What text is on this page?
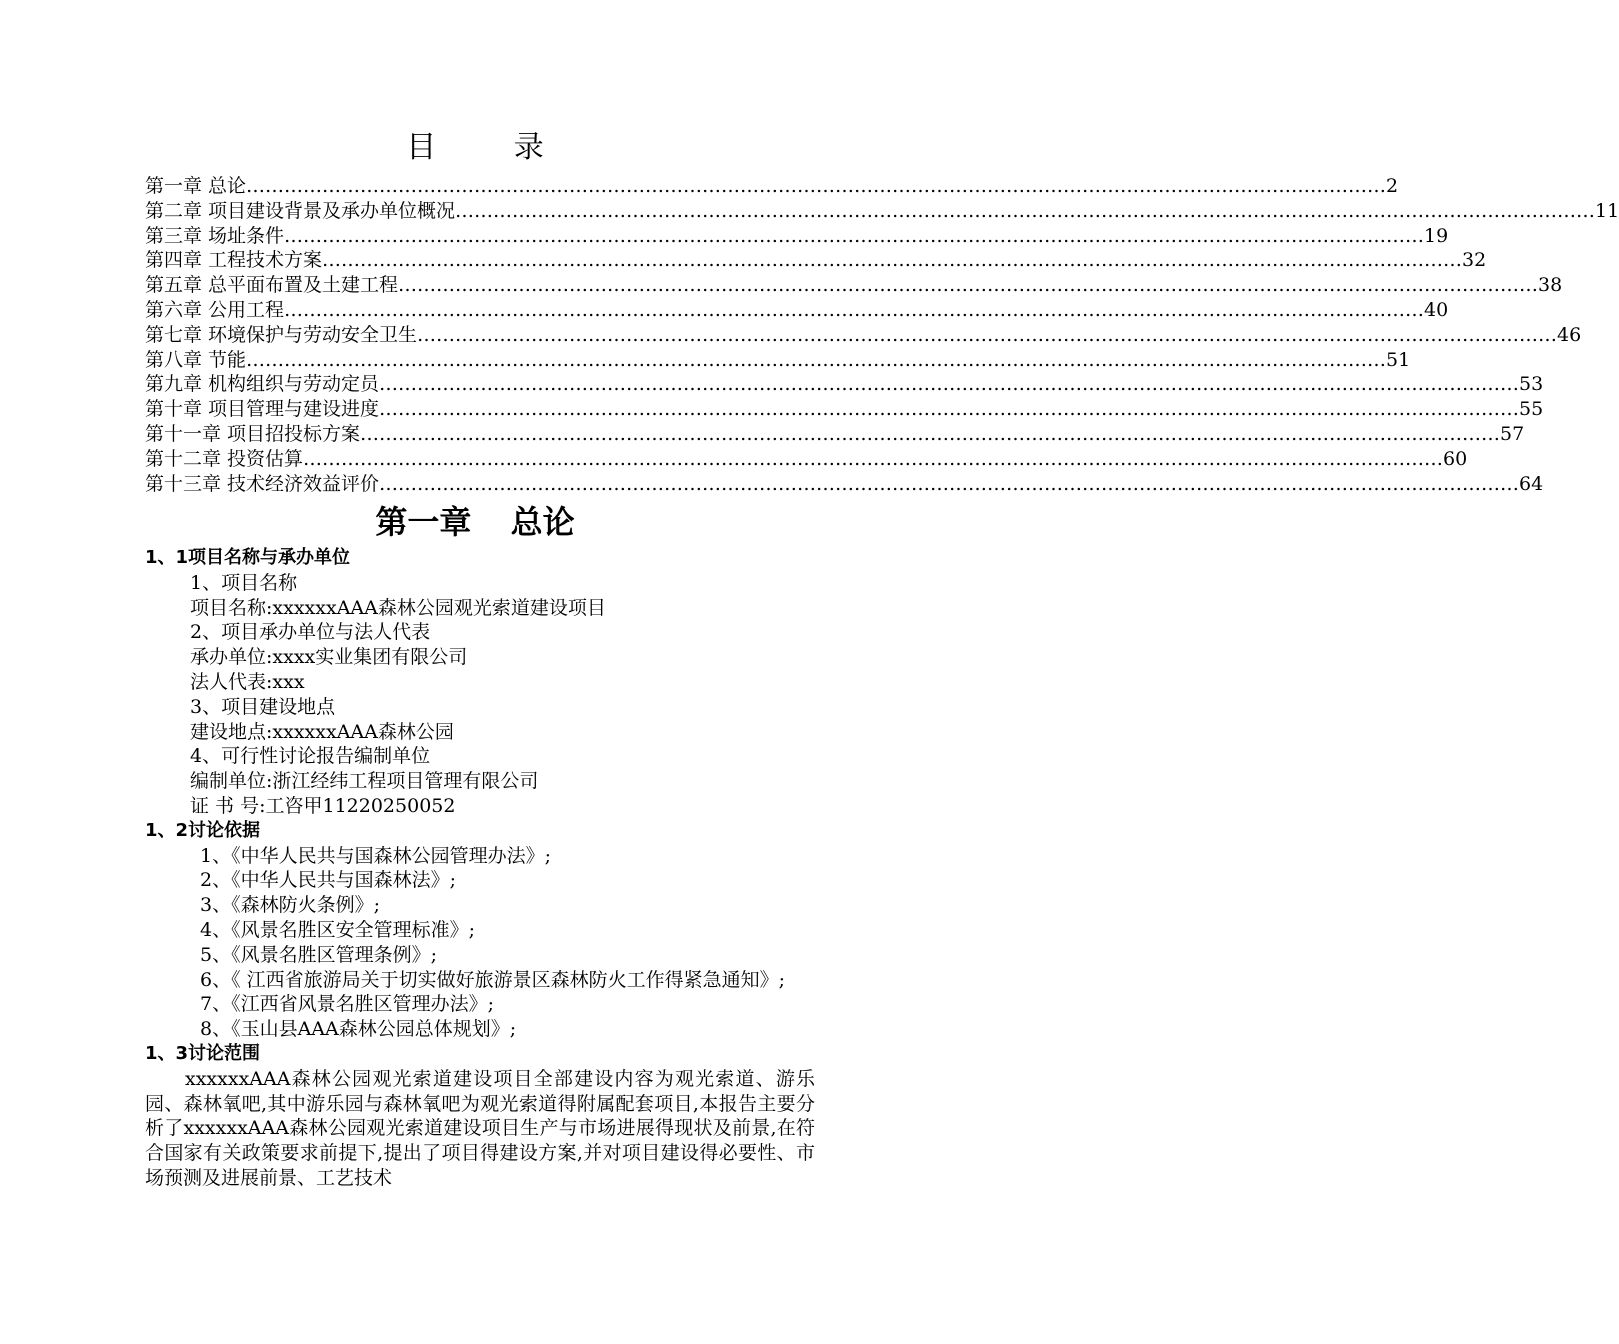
目 录
第一章 总论 ……………………………………………………………………………………………………………………………………………………………… 2
第二章 项目建设背景及承办单位概况 ……………………………………………………………………………………………………………………………………………………………… 11
第三章 场址条件 ……………………………………………………………………………………………………………………………………………………………… 19
第四章 工程技术方案 ……………………………………………………………………………………………………………………………………………………………… 32
第五章 总平面布置及土建工程 ……………………………………………………………………………………………………………………………………………………………… 38
第六章 公用工程 ……………………………………………………………………………………………………………………………………………………………… 40
第七章 环境保护与劳动安全卫生 ……………………………………………………………………………………………………………………………………………………………… 46
第八章 节能 ……………………………………………………………………………………………………………………………………………………………… 51
第九章 机构组织与劳动定员 ……………………………………………………………………………………………………………………………………………………………… 53
第十章 项目管理与建设进度 ……………………………………………………………………………………………………………………………………………………………… 55
第十一章 项目招投标方案 ……………………………………………………………………………………………………………………………………………………………… 57
第十二章 投资估算 ……………………………………………………………………………………………………………………………………………………………… 60
第十三章 技术经济效益评价 ……………………………………………………………………………………………………………………………………………………………… 64
第一章 总论
1、1项目名称与承办单位
1、项目名称
项目名称:xxxxxxAAA森林公园观光索道建设项目
2、项目承办单位与法人代表
承办单位:xxxx实业集团有限公司
法人代表:xxx
3、项目建设地点
建设地点:xxxxxxAAA森林公园
4、可行性讨论报告编制单位
编制单位:浙江经纬工程项目管理有限公司
证 书 号:工咨甲11220250052
1、2讨论依据
1、《中华人民共与国森林公园管理办法》;
2、《中华人民共与国森林法》;
3、《森林防火条例》;
4、《风景名胜区安全管理标准》;
5、《风景名胜区管理条例》;

6、《 江西省旅游局关于切实做好旅游景区森林防火工作得紧急通知》;

7、《江西省风景名胜区管理办法》;
8、《玉山县AAA森林公园总体规划》;
1、3讨论范围

xxxxxxAAA森林公园观光索道建设项目全部建设内容为观光索道、游乐园、森林氧吧,其中游乐园与森林氧吧为观光索道得附属配套项目,本报告主要分析了xxxxxxAAA森林公园观光索道建设项目生产与市场进展得现状及前景,在符合国家有关政策要求前提下,提出了项目得建设方案,并对项目建设得必要性、市场预测及进展前景、工艺技术
